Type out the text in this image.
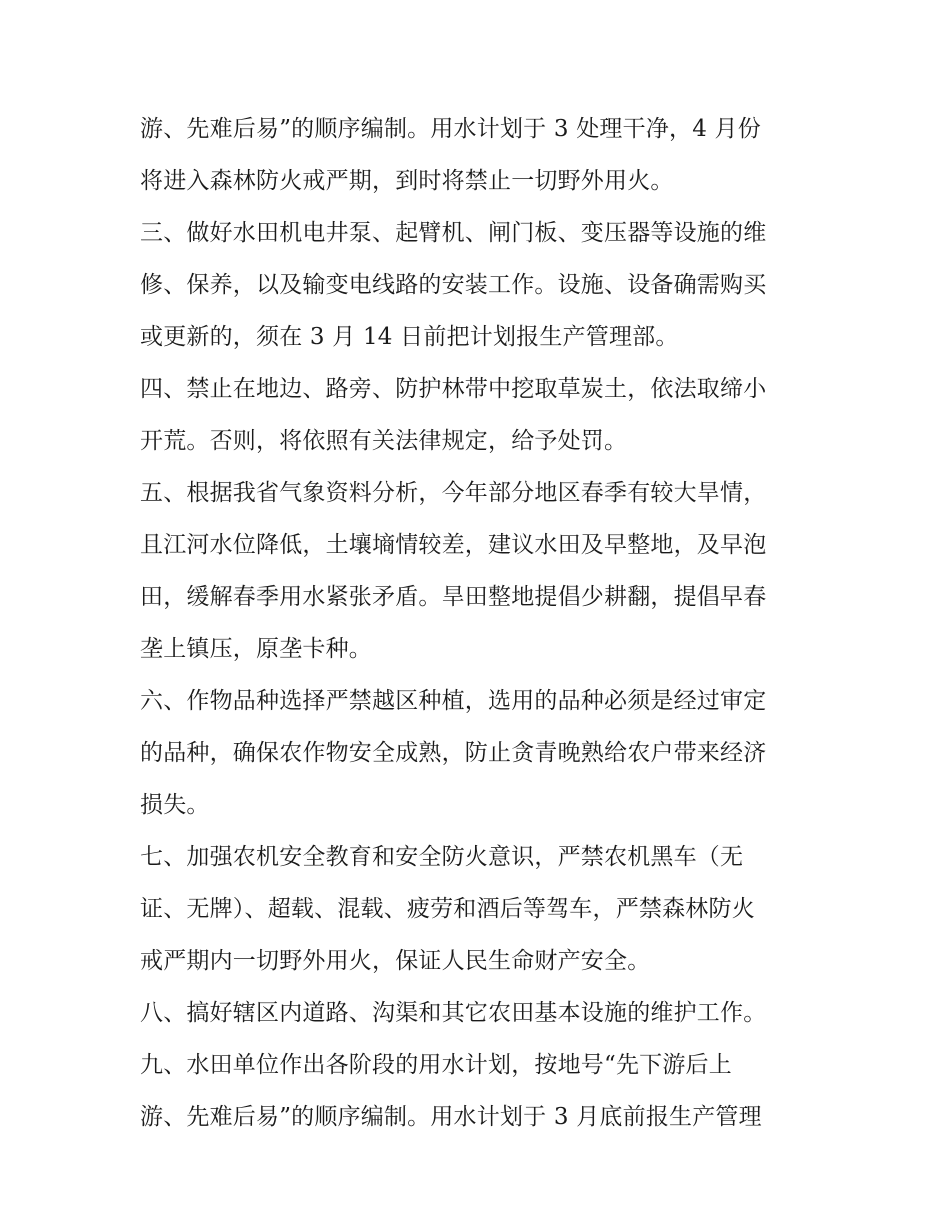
游、先难后易”的顺序编制。用水计划于 3 处理干净，4 月份
将进入森林防火戒严期，到时将禁止一切野外用火。
三、做好水田机电井泵、起臂机、闸门板、变压器等设施的维
修、保养，以及输变电线路的安装工作。设施、设备确需购买
或更新的，须在 3 月 14 日前把计划报生产管理部。
四、禁止在地边、路旁、防护林带中挖取草炭土，依法取缔小
开荒。否则，将依照有关法律规定，给予处罚。
五、根据我省气象资料分析，今年部分地区春季有较大旱情，
且江河水位降低，土壤墒情较差，建议水田及早整地，及早泡
田，缓解春季用水紧张矛盾。旱田整地提倡少耕翻，提倡早春
垄上镇压，原垄卡种。
六、作物品种选择严禁越区种植，选用的品种必须是经过审定
的品种，确保农作物安全成熟，防止贪青晚熟给农户带来经济
损失。
七、加强农机安全教育和安全防火意识，严禁农机黑车（无
证、无牌）、超载、混载、疲劳和酒后等驾车，严禁森林防火
戒严期内一切野外用火，保证人民生命财产安全。
八、搞好辖区内道路、沟渠和其它农田基本设施的维护工作。
九、水田单位作出各阶段的用水计划，按地号“先下游后上
游、先难后易”的顺序编制。用水计划于 3 月底前报生产管理
